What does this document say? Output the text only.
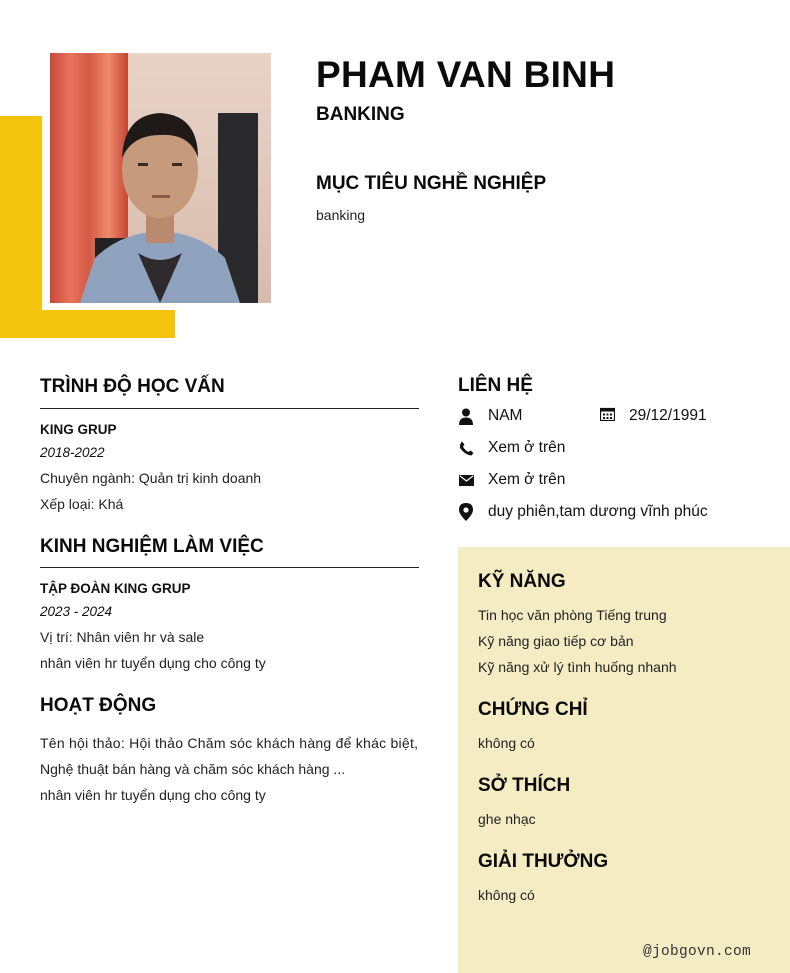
PHAM VAN BINH
BANKING
MỤC TIÊU NGHỀ NGHIỆP
banking
TRÌNH ĐỘ HỌC VẤN
KING GRUP
2018-2022
Chuyên ngành: Quản trị kinh doanh
Xếp loại: Khá
KINH NGHIỆM LÀM VIỆC
TẬP ĐOÀN KING GRUP
2023 - 2024
Vị trí: Nhân viên hr và sale
nhân viên hr tuyển dụng cho công ty
HOẠT ĐỘNG
Tên hội thảo: Hội thảo Chăm sóc khách hàng để khác biệt,
Nghệ thuật bán hàng và chăm sóc khách hàng ...
nhân viên hr tuyển dụng cho công ty
LIÊN HỆ
NAM	29/12/1991
Xem ở trên
Xem ở trên
duy phiên,tam dương vĩnh phúc
KỸ NĂNG
Tin học văn phòng Tiếng trung
Kỹ năng giao tiếp cơ bản
Kỹ năng xử lý tình huống nhanh
CHỨNG CHỈ
không có
SỞ THÍCH
ghe nhạc
GIẢI THƯỞNG
không có
@jobgovn.com
